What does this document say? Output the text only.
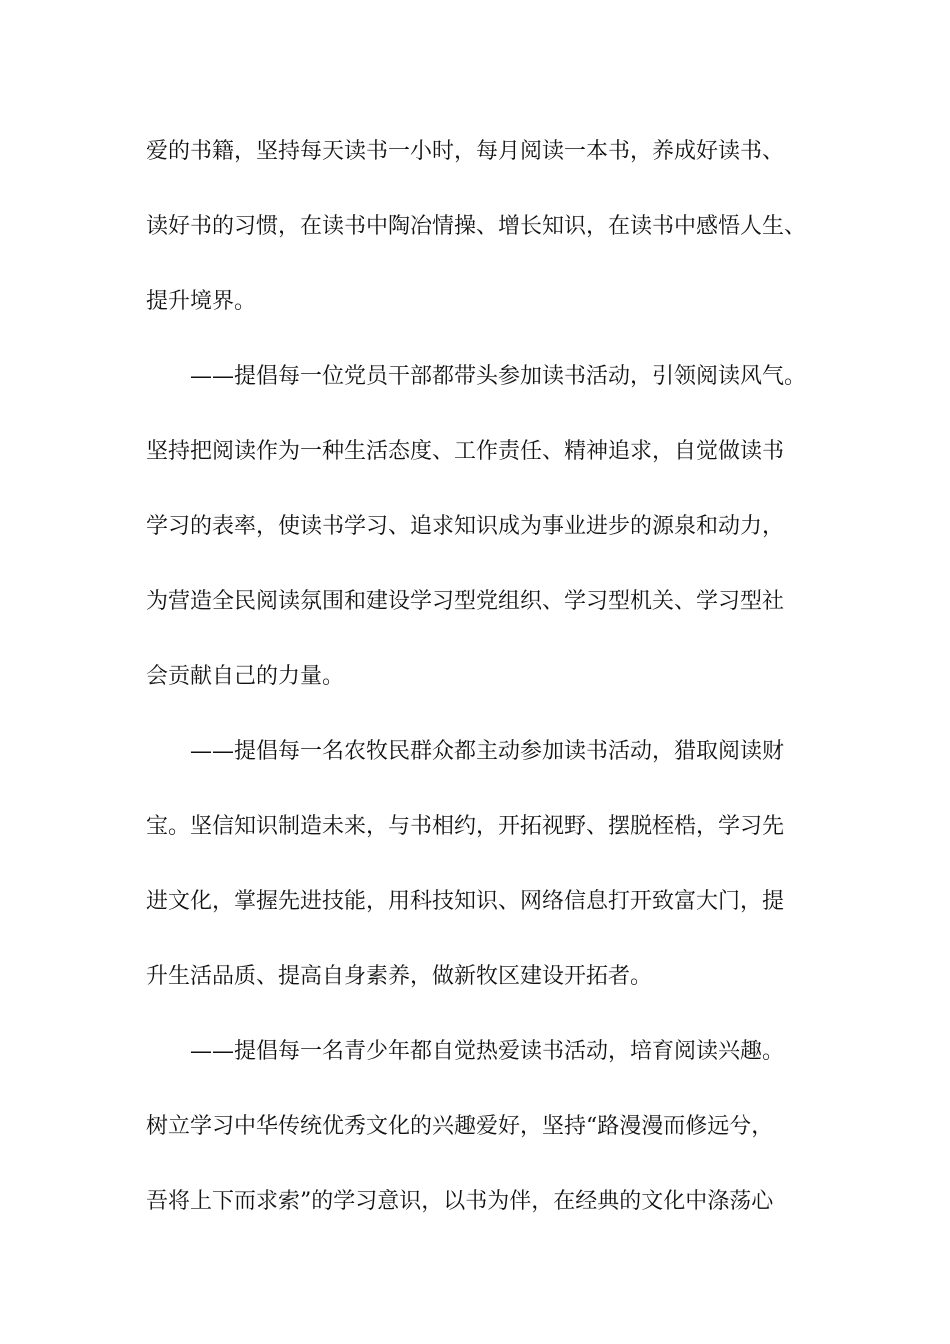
爱的书籍，坚持每天读书一小时，每月阅读一本书，养成好读书、
读好书的习惯，在读书中陶冶情操、增长知识，在读书中感悟人生、
提升境界。
——提倡每一位党员干部都带头参加读书活动，引领阅读风气。
坚持把阅读作为一种生活态度、工作责任、精神追求，自觉做读书
学习的表率，使读书学习、追求知识成为事业进步的源泉和动力，
为营造全民阅读氛围和建设学习型党组织、学习型机关、学习型社
会贡献自己的力量。
——提倡每一名农牧民群众都主动参加读书活动，猎取阅读财
宝。坚信知识制造未来，与书相约，开拓视野、摆脱桎梏，学习先
进文化，掌握先进技能，用科技知识、网络信息打开致富大门，提
升生活品质、提高自身素养，做新牧区建设开拓者。
——提倡每一名青少年都自觉热爱读书活动，培育阅读兴趣。
树立学习中华传统优秀文化的兴趣爱好，坚持“路漫漫而修远兮，
吾将上下而求索”的学习意识，以书为伴，在经典的文化中涤荡心
